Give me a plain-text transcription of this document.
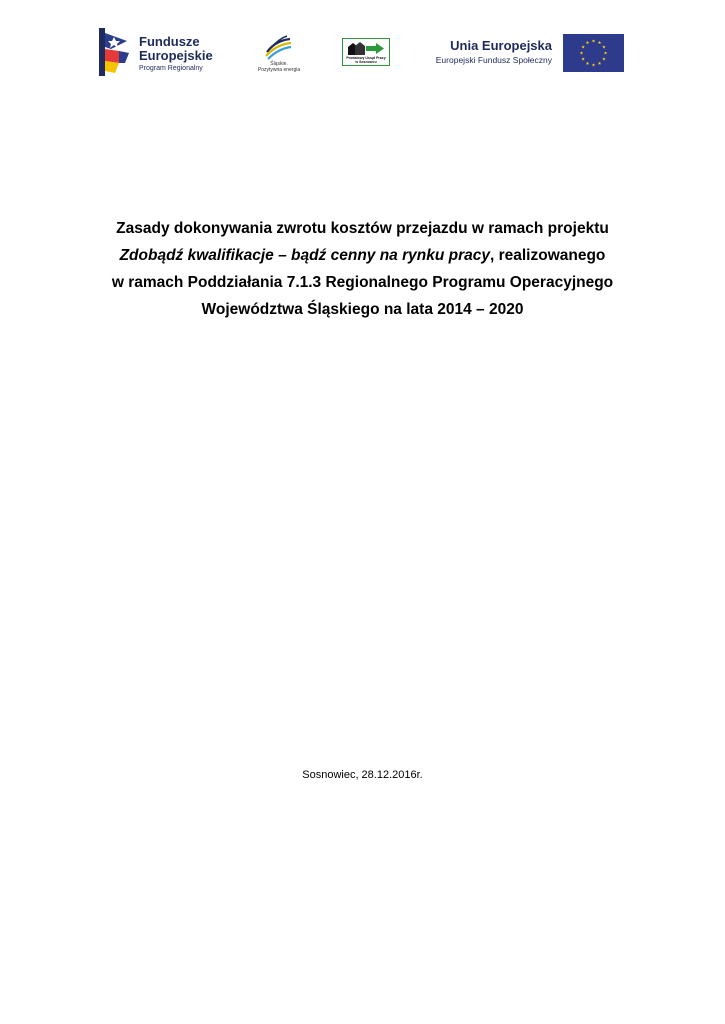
Fundusze
Europejskie
Program Regionalny
Śląskie.
Pozytywna energia
Powiatowy Urząd Pracy
w Sosnowcu
Unia Europejska
Europejski Fundusz Społeczny
Zasady dokonywania zwrotu kosztów przejazdu w ramach projektu
Zdobądź kwalifikacje – bądź cenny na rynku pracy, realizowanego
w ramach Poddziałania 7.1.3 Regionalnego Programu Operacyjnego
Województwa Śląskiego na lata 2014 – 2020
Sosnowiec, 28.12.2016r.
